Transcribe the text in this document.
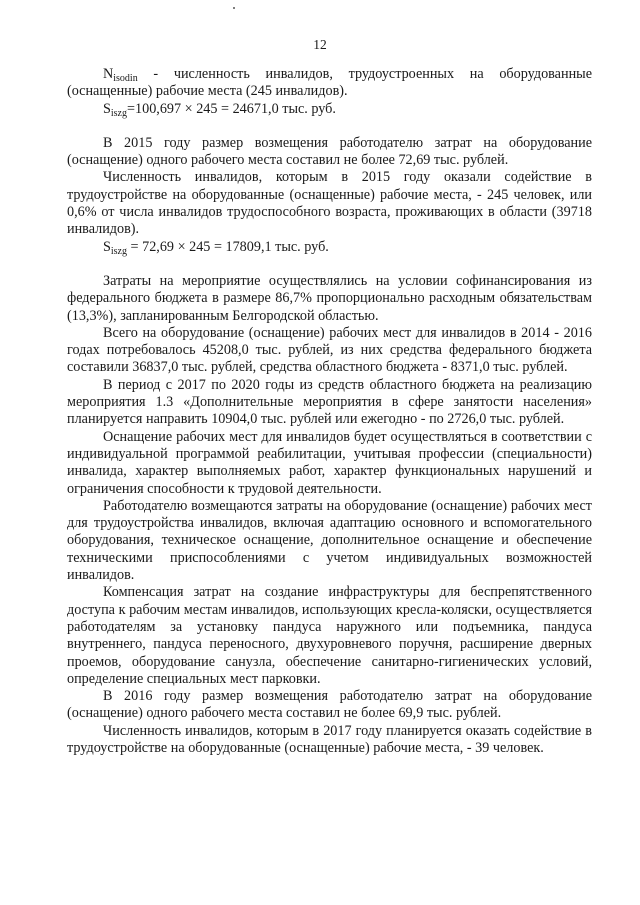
12

$N_{isodin}$ - численность инвалидов, трудоустроенных на оборудованные (оснащенные) рабочие места (245 инвалидов).

$S_{iszg}=100,697 \times 245 = 24671,0$ тыс. руб.

В 2015 году размер возмещения работодателю затрат на оборудование (оснащение) одного рабочего места составил не более 72,69 тыс. рублей.

Численность инвалидов, которым в 2015 году оказали содействие в трудоустройстве на оборудованные (оснащенные) рабочие места, - 245 человек, или 0,6% от числа инвалидов трудоспособного возраста, проживающих в области (39718 инвалидов).

$S_{iszg} = 72,69 \times 245 = 17809,1$ тыс. руб.

Затраты на мероприятие осуществлялись на условии софинансирования из федерального бюджета в размере 86,7% пропорционально расходным обязательствам (13,3%), запланированным Белгородской областью.

Всего на оборудование (оснащение) рабочих мест для инвалидов в 2014 - 2016 годах потребовалось 45208,0 тыс. рублей, из них средства федерального бюджета составили 36837,0 тыс. рублей, средства областного бюджета - 8371,0 тыс. рублей.

В период с 2017 по 2020 годы из средств областного бюджета на реализацию мероприятия 1.3 «Дополнительные мероприятия в сфере занятости населения» планируется направить 10904,0 тыс. рублей или ежегодно - по 2726,0 тыс. рублей.

Оснащение рабочих мест для инвалидов будет осуществляться в соответствии с индивидуальной программой реабилитации, учитывая профессии (специальности) инвалида, характер выполняемых работ, характер функциональных нарушений и ограничения способности к трудовой деятельности.

Работодателю возмещаются затраты на оборудование (оснащение) рабочих мест для трудоустройства инвалидов, включая адаптацию основного и вспомогательного оборудования, техническое оснащение, дополнительное оснащение и обеспечение техническими приспособлениями с учетом индивидуальных возможностей инвалидов.

Компенсация затрат на создание инфраструктуры для беспрепятственного доступа к рабочим местам инвалидов, использующих кресла-коляски, осуществляется работодателям за установку пандуса наружного или подъемника, пандуса внутреннего, пандуса переносного, двухуровневого поручня, расширение дверных проемов, оборудование санузла, обеспечение санитарно-гигиенических условий, определение специальных мест парковки.

В 2016 году размер возмещения работодателю затрат на оборудование (оснащение) одного рабочего места составил не более 69,9 тыс. рублей.

Численность инвалидов, которым в 2017 году планируется оказать содействие в трудоустройстве на оборудованные (оснащенные) рабочие места, - 39 человек.
